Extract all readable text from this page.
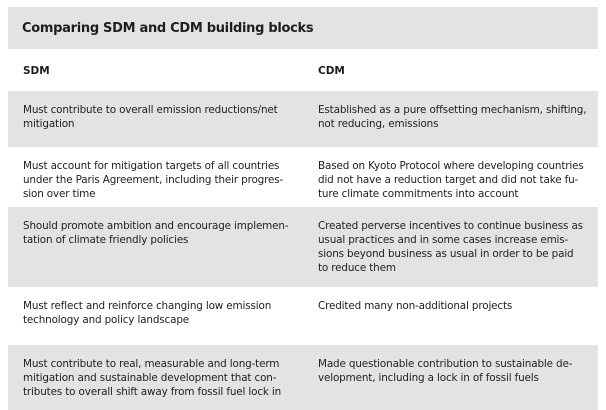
Comparing SDM and CDM building blocks
SDM	CDM
Must contribute to overall emission reductions/net
mitigation
Established as a pure offsetting mechanism, shifting,
not reducing, emissions
Must account for mitigation targets of all countries
under the Paris Agreement, including their progres-
sion over time
Based on Kyoto Protocol where developing countries
did not have a reduction target and did not take fu-
ture climate commitments into account
Should promote ambition and encourage implemen-
tation of climate friendly policies
Created perverse incentives to continue business as
usual practices and in some cases increase emis-
sions beyond business as usual in order to be paid
to reduce them
Must reflect and reinforce changing low emission
technology and policy landscape
Credited many non-additional projects
Must contribute to real, measurable and long-term
mitigation and sustainable development that con-
tributes to overall shift away from fossil fuel lock in
Made questionable contribution to sustainable de-
velopment, including a lock in of fossil fuels
